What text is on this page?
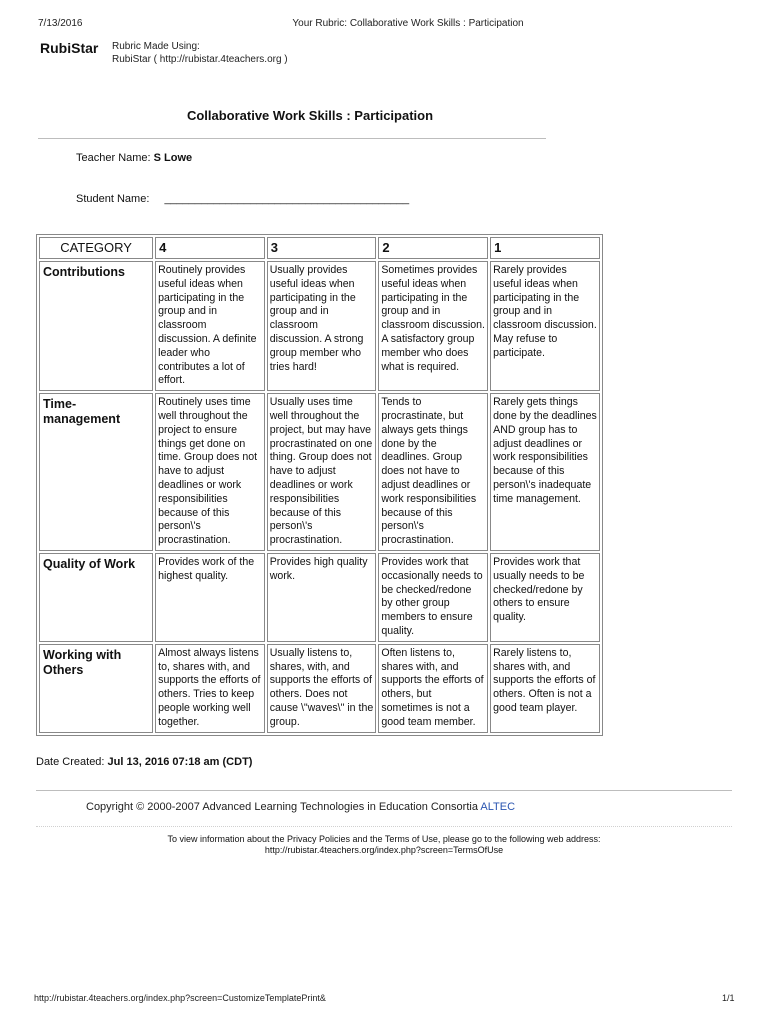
7/13/2016	Your Rubric: Collaborative Work Skills : Participation
RubiStar Rubric Made Using:
RubiStar ( http://rubistar.4teachers.org )
Collaborative Work Skills : Participation
Teacher Name: S Lowe
Student Name: ________________________________________
CATEGORY	4	3	2	1
Contributions	Routinely provides useful ideas when participating in the group and in classroom discussion. A definite leader who contributes a lot of effort.	Usually provides useful ideas when participating in the group and in classroom discussion. A strong group member who tries hard!	Sometimes provides useful ideas when participating in the group and in classroom discussion. A satisfactory group member who does what is required.	Rarely provides useful ideas when participating in the group and in classroom discussion. May refuse to participate.
Time-management	Routinely uses time well throughout the project to ensure things get done on time. Group does not have to adjust deadlines or work responsibilities because of this person\'s procrastination.	Usually uses time well throughout the project, but may have procrastinated on one thing. Group does not have to adjust deadlines or work responsibilities because of this person\'s procrastination.	Tends to procrastinate, but always gets things done by the deadlines. Group does not have to adjust deadlines or work responsibilities because of this person\'s procrastination.	Rarely gets things done by the deadlines AND group has to adjust deadlines or work responsibilities because of this person\'s inadequate time management.
Quality of Work	Provides work of the highest quality.	Provides high quality work.	Provides work that occasionally needs to be checked/redone by other group members to ensure quality.	Provides work that usually needs to be checked/redone by others to ensure quality.
Working with Others	Almost always listens to, shares with, and supports the efforts of others. Tries to keep people working well together.	Usually listens to, shares, with, and supports the efforts of others. Does not cause \"waves\" in the group.	Often listens to, shares with, and supports the efforts of others, but sometimes is not a good team member.	Rarely listens to, shares with, and supports the efforts of others. Often is not a good team player.
Date Created: Jul 13, 2016 07:18 am (CDT)
Copyright © 2000-2007 Advanced Learning Technologies in Education Consortia ALTEC
To view information about the Privacy Policies and the Terms of Use, please go to the following web address:
http://rubistar.4teachers.org/index.php?screen=TermsOfUse
http://rubistar.4teachers.org/index.php?screen=CustomizeTemplatePrint&	1/1
